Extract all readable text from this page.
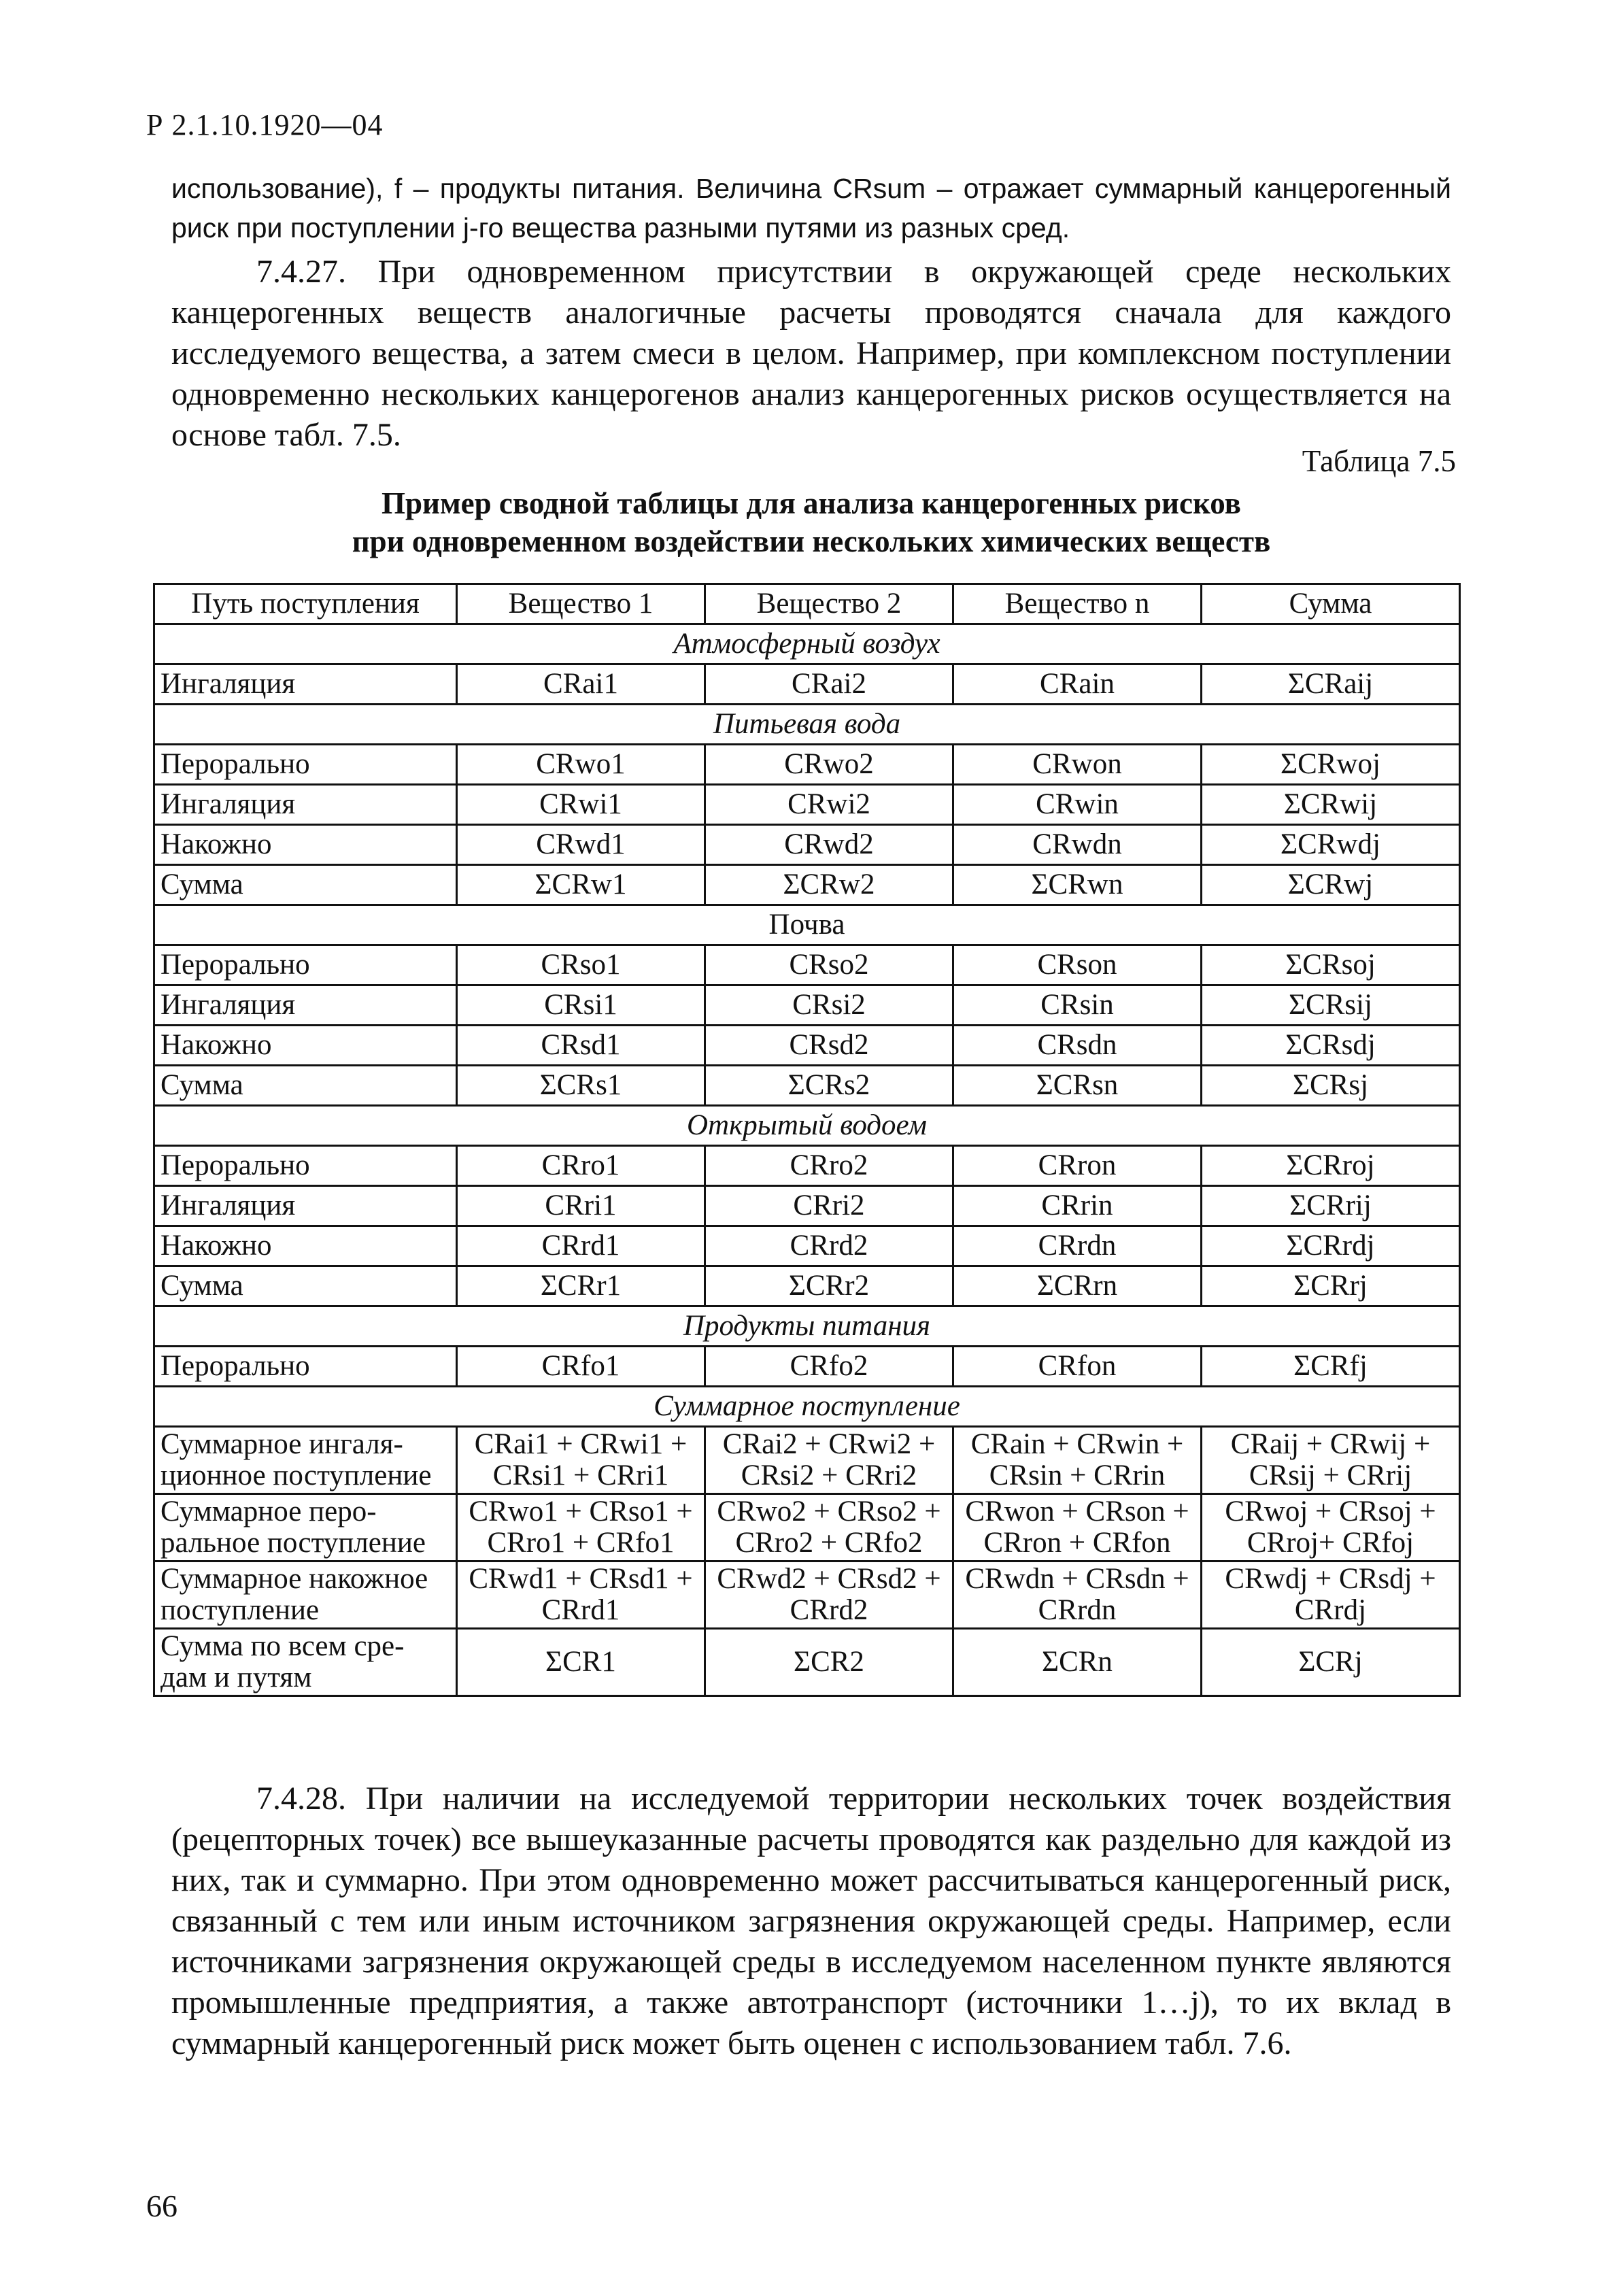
Р 2.1.10.1920—04

использование), f – продукты питания. Величина CRsum – отражает суммарный канцерогенный риск при поступлении j-го вещества разными путями из разных сред.

7.4.27. При одновременном присутствии в окружающей среде нескольких канцерогенных веществ аналогичные расчеты проводятся сначала для каждого исследуемого вещества, а затем смеси в целом. Например, при комплексном поступлении одновременно нескольких канцерогенов анализ канцерогенных рисков осуществляется на основе табл. 7.5.

Таблица 7.5
Пример сводной таблицы для анализа канцерогенных рисков
при одновременном воздействии нескольких химических веществ
Путь поступления	Вещество 1	Вещество 2	Вещество n	Сумма
Атмосферный воздух				
Ингаляция	CRai1	CRai2	CRain	ΣCRaij
Питьевая вода				
Перорально	CRwo1	CRwo2	CRwon	ΣCRwoj
Ингаляция	CRwi1	CRwi2	CRwin	ΣCRwij
Накожно	CRwd1	CRwd2	CRwdn	ΣCRwdj
Сумма	ΣCRw1	ΣCRw2	ΣCRwn	ΣCRwj
Почва				
Перорально	CRso1	CRso2	CRson	ΣCRsoj
Ингаляция	CRsi1	CRsi2	CRsin	ΣCRsij
Накожно	CRsd1	CRsd2	CRsdn	ΣCRsdj
Сумма	ΣCRs1	ΣCRs2	ΣCRsn	ΣCRsj
Открытый водоем				
Перорально	CRro1	CRro2	CRron	ΣCRroj
Ингаляция	CRri1	CRri2	CRrin	ΣCRrij
Накожно	CRrd1	CRrd2	CRrdn	ΣCRrdj
Сумма	ΣCRr1	ΣCRr2	ΣCRrn	ΣCRrj
Продукты питания				
Перорально	CRfo1	CRfo2	CRfon	ΣCRfj
Суммарное поступление				
Суммарное ингаля-ционное поступление	CRai1 + CRwi1 + CRsi1 + CRri1	CRai2 + CRwi2 + CRsi2 + CRri2	CRain + CRwin + CRsin + CRrin	CRaij + CRwij + CRsij + CRrij
Суммарное перо-ральное поступление	CRwo1 + CRso1 + CRro1 + CRfo1	CRwo2 + CRso2 + CRro2 + CRfo2	CRwon + CRson + CRron + CRfon	CRwoj + CRsoj + CRroj+ CRfoj
Суммарное накожное поступление	CRwd1 + CRsd1 + CRrd1	CRwd2 + CRsd2 + CRrd2	CRwdn + CRsdn + CRrdn	CRwdj + CRsdj + CRrdj
Сумма по всем сре-дам и путям	ΣCR1	ΣCR2	ΣCRn	ΣCRj

7.4.28. При наличии на исследуемой территории нескольких точек воздействия (рецепторных точек) все вышеуказанные расчеты проводятся как раздельно для каждой из них, так и суммарно. При этом одновременно может рассчитываться канцерогенный риск, связанный с тем или иным источником загрязнения окружающей среды. Например, если источниками загрязнения окружающей среды в исследуемом населенном пункте являются промышленные предприятия, а также автотранспорт (источники 1…j), то их вклад в суммарный канцерогенный риск может быть оценен с использованием табл. 7.6.

66
